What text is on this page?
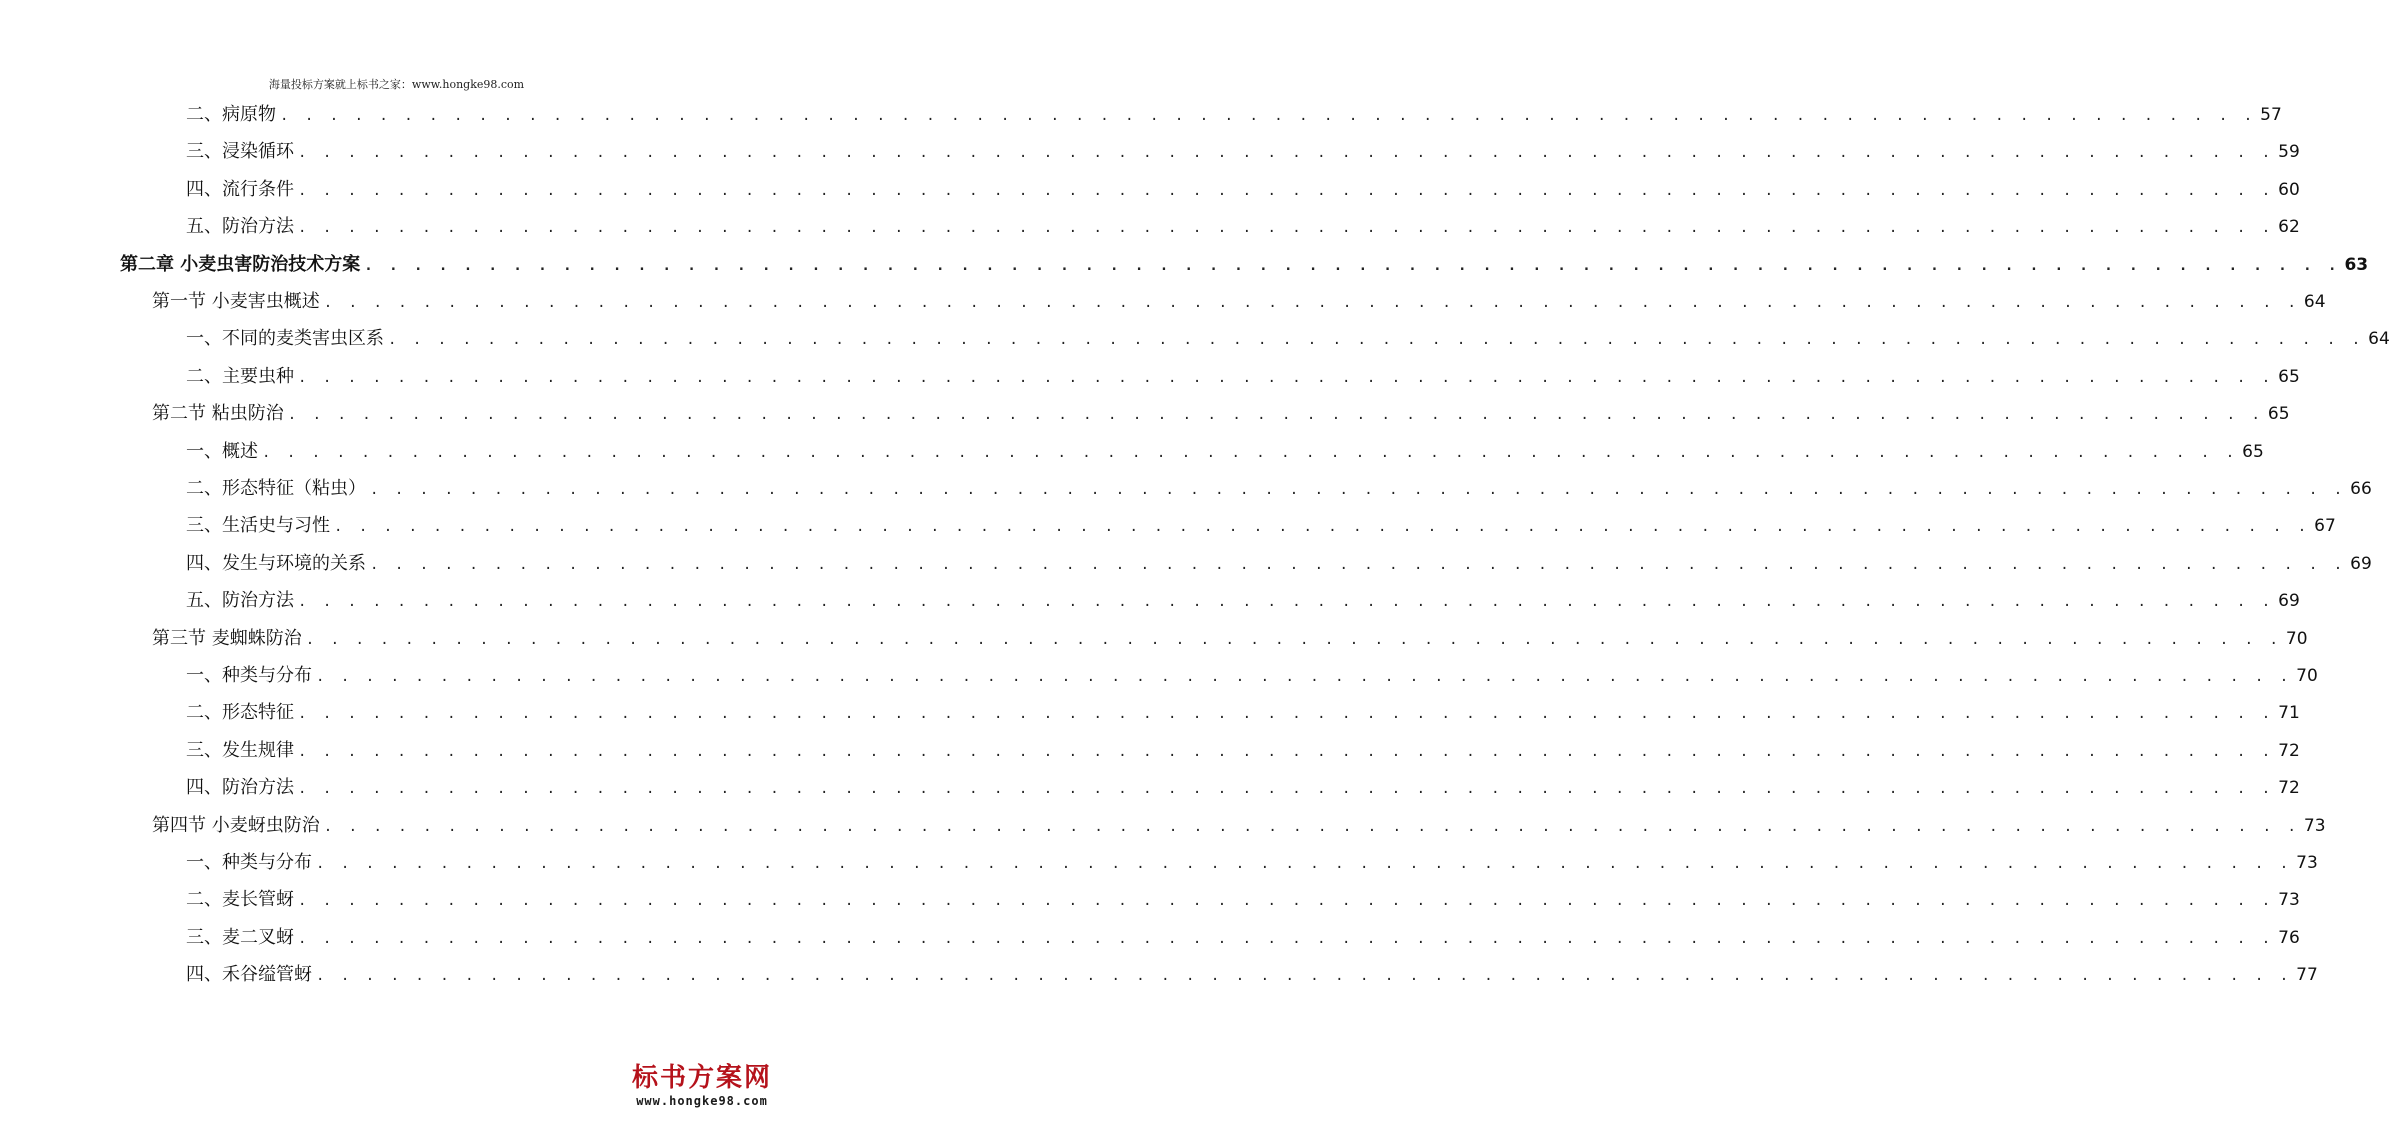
海量投标方案就上标书之家：www.hongke98.com
二、病原物 . . . . . . . . . . . . . . . . . . . . . . . . . . . . . . . . . . . . . . . . . . . . . . . . . . . . . . . . . . . . . . . . . . . . . . . . . . . . . . . . 57
三、浸染循环 . . . . . . . . . . . . . . . . . . . . . . . . . . . . . . . . . . . . . . . . . . . . . . . . . . . . . . . . . . . . . . . . . . . . . . . . . . . . . . . . 59
四、流行条件 . . . . . . . . . . . . . . . . . . . . . . . . . . . . . . . . . . . . . . . . . . . . . . . . . . . . . . . . . . . . . . . . . . . . . . . . . . . . . . . . 60
五、防治方法 . . . . . . . . . . . . . . . . . . . . . . . . . . . . . . . . . . . . . . . . . . . . . . . . . . . . . . . . . . . . . . . . . . . . . . . . . . . . . . . . 62
第二章 小麦虫害防治技术方案 . . . . . . . . . . . . . . . . . . . . . . . . . . . . . . . . . . . . . . . . . . . . . . . . . . . . . . . . . . . . . . . . . . . . . . . . . . . . . . . . 63
第一节 小麦害虫概述 . . . . . . . . . . . . . . . . . . . . . . . . . . . . . . . . . . . . . . . . . . . . . . . . . . . . . . . . . . . . . . . . . . . . . . . . . . . . . . . . 64
一、不同的麦类害虫区系 . . . . . . . . . . . . . . . . . . . . . . . . . . . . . . . . . . . . . . . . . . . . . . . . . . . . . . . . . . . . . . . . . . . . . . . . . . . . . . . . 64
二、主要虫种 . . . . . . . . . . . . . . . . . . . . . . . . . . . . . . . . . . . . . . . . . . . . . . . . . . . . . . . . . . . . . . . . . . . . . . . . . . . . . . . . 65
第二节 粘虫防治 . . . . . . . . . . . . . . . . . . . . . . . . . . . . . . . . . . . . . . . . . . . . . . . . . . . . . . . . . . . . . . . . . . . . . . . . . . . . . . . . 65
一、概述 . . . . . . . . . . . . . . . . . . . . . . . . . . . . . . . . . . . . . . . . . . . . . . . . . . . . . . . . . . . . . . . . . . . . . . . . . . . . . . . . 65
二、形态特征（粘虫） . . . . . . . . . . . . . . . . . . . . . . . . . . . . . . . . . . . . . . . . . . . . . . . . . . . . . . . . . . . . . . . . . . . . . . . . . . . . . . . . 66
三、生活史与习性 . . . . . . . . . . . . . . . . . . . . . . . . . . . . . . . . . . . . . . . . . . . . . . . . . . . . . . . . . . . . . . . . . . . . . . . . . . . . . . . . 67
四、发生与环境的关系 . . . . . . . . . . . . . . . . . . . . . . . . . . . . . . . . . . . . . . . . . . . . . . . . . . . . . . . . . . . . . . . . . . . . . . . . . . . . . . . . 69
五、防治方法 . . . . . . . . . . . . . . . . . . . . . . . . . . . . . . . . . . . . . . . . . . . . . . . . . . . . . . . . . . . . . . . . . . . . . . . . . . . . . . . . 69
第三节 麦蜘蛛防治 . . . . . . . . . . . . . . . . . . . . . . . . . . . . . . . . . . . . . . . . . . . . . . . . . . . . . . . . . . . . . . . . . . . . . . . . . . . . . . . . 70
一、种类与分布 . . . . . . . . . . . . . . . . . . . . . . . . . . . . . . . . . . . . . . . . . . . . . . . . . . . . . . . . . . . . . . . . . . . . . . . . . . . . . . . . 70
二、形态特征 . . . . . . . . . . . . . . . . . . . . . . . . . . . . . . . . . . . . . . . . . . . . . . . . . . . . . . . . . . . . . . . . . . . . . . . . . . . . . . . . 71
三、发生规律 . . . . . . . . . . . . . . . . . . . . . . . . . . . . . . . . . . . . . . . . . . . . . . . . . . . . . . . . . . . . . . . . . . . . . . . . . . . . . . . . 72
四、防治方法 . . . . . . . . . . . . . . . . . . . . . . . . . . . . . . . . . . . . . . . . . . . . . . . . . . . . . . . . . . . . . . . . . . . . . . . . . . . . . . . . 72
第四节 小麦蚜虫防治 . . . . . . . . . . . . . . . . . . . . . . . . . . . . . . . . . . . . . . . . . . . . . . . . . . . . . . . . . . . . . . . . . . . . . . . . . . . . . . . . 73
一、种类与分布 . . . . . . . . . . . . . . . . . . . . . . . . . . . . . . . . . . . . . . . . . . . . . . . . . . . . . . . . . . . . . . . . . . . . . . . . . . . . . . . . 73
二、麦长管蚜 . . . . . . . . . . . . . . . . . . . . . . . . . . . . . . . . . . . . . . . . . . . . . . . . . . . . . . . . . . . . . . . . . . . . . . . . . . . . . . . . 73
三、麦二叉蚜 . . . . . . . . . . . . . . . . . . . . . . . . . . . . . . . . . . . . . . . . . . . . . . . . . . . . . . . . . . . . . . . . . . . . . . . . . . . . . . . . 76
四、禾谷缢管蚜 . . . . . . . . . . . . . . . . . . . . . . . . . . . . . . . . . . . . . . . . . . . . . . . . . . . . . . . . . . . . . . . . . . . . . . . . . . . . . . . . 77
标书方案网
www.hongke98.com
